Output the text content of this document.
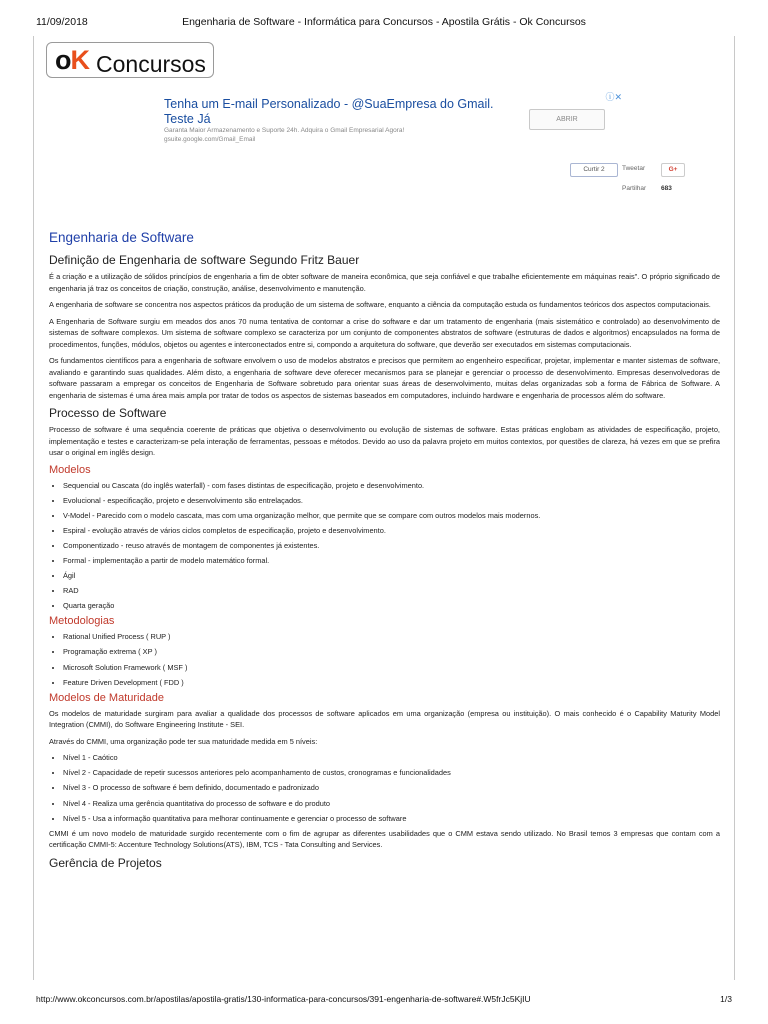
11/09/2018	Engenharia de Software - Informática para Concursos - Apostila Grátis - Ok Concursos
oK Concursos
ⓘ✕
Tenha um E-mail Personalizado - @SuaEmpresa do Gmail. Teste Já
Garanta Maior Armazenamento e Suporte 24h. Adquira o Gmail Empresarial Agora!
gsuite.google.com/Gmail_Email
ABRIR
Curtir 2	Tweetar	G+
Partilhar 683
Engenharia de Software
Definição de Engenharia de software Segundo Fritz Bauer

É a criação e a utilização de sólidos princípios de engenharia a fim de obter software de maneira econômica, que seja confiável e que trabalhe eficientemente em máquinas reais". O próprio significado de engenharia já traz os conceitos de criação, construção, análise, desenvolvimento e manutenção.

A engenharia de software se concentra nos aspectos práticos da produção de um sistema de software, enquanto a ciência da computação estuda os fundamentos teóricos dos aspectos computacionais.

A Engenharia de Software surgiu em meados dos anos 70 numa tentativa de contornar a crise do software e dar um tratamento de engenharia (mais sistemático e controlado) ao desenvolvimento de sistemas de software complexos. Um sistema de software complexo se caracteriza por um conjunto de componentes abstratos de software (estruturas de dados e algoritmos) encapsulados na forma de procedimentos, funções, módulos, objetos ou agentes e interconectados entre si, compondo a arquitetura do software, que deverão ser executados em sistemas computacionais.

Os fundamentos científicos para a engenharia de software envolvem o uso de modelos abstratos e precisos que permitem ao engenheiro especificar, projetar, implementar e manter sistemas de software, avaliando e garantindo suas qualidades. Além disto, a engenharia de software deve oferecer mecanismos para se planejar e gerenciar o processo de desenvolvimento. Empresas desenvolvedoras de software passaram a empregar os conceitos de Engenharia de Software sobretudo para orientar suas áreas de desenvolvimento, muitas delas organizadas sob a forma de Fábrica de Software. A engenharia de sistemas é uma área mais ampla por tratar de todos os aspectos de sistemas baseados em computadores, incluindo hardware e engenharia de processos além do software.

Processo de Software

Processo de software é uma sequência coerente de práticas que objetiva o desenvolvimento ou evolução de sistemas de software. Estas práticas englobam as atividades de especificação, projeto, implementação e testes e caracterizam-se pela interação de ferramentas, pessoas e métodos. Devido ao uso da palavra projeto em muitos contextos, por questões de clareza, há vezes em que se prefira usar o original em inglês design.

Modelos
• Sequencial ou Cascata (do inglês waterfall) - com fases distintas de especificação, projeto e desenvolvimento.
• Evolucional - especificação, projeto e desenvolvimento são entrelaçados.
• V-Model - Parecido com o modelo cascata, mas com uma organização melhor, que permite que se compare com outros modelos mais modernos.
• Espiral - evolução através de vários ciclos completos de especificação, projeto e desenvolvimento.
• Componentizado - reuso através de montagem de componentes já existentes.
• Formal - implementação a partir de modelo matemático formal.
• Ágil
• RAD
• Quarta geração
Metodologias
• Rational Unified Process ( RUP )
• Programação extrema ( XP )
• Microsoft Solution Framework ( MSF )
• Feature Driven Development ( FDD )
Modelos de Maturidade

Os modelos de maturidade surgiram para avaliar a qualidade dos processos de software aplicados em uma organização (empresa ou instituição). O mais conhecido é o Capability Maturity Model Integration (CMMI), do Software Engineering Institute - SEI.

Através do CMMI, uma organização pode ter sua maturidade medida em 5 níveis:

• Nível 1 - Caótico
• Nível 2 - Capacidade de repetir sucessos anteriores pelo acompanhamento de custos, cronogramas e funcionalidades
• Nível 3 - O processo de software é bem definido, documentado e padronizado
• Nível 4 - Realiza uma gerência quantitativa do processo de software e do produto
• Nível 5 - Usa a informação quantitativa para melhorar continuamente e gerenciar o processo de software

CMMI é um novo modelo de maturidade surgido recentemente com o fim de agrupar as diferentes usabilidades que o CMM estava sendo utilizado. No Brasil temos 3 empresas que contam com a certificação CMMI-5: Accenture Technology Solutions(ATS), IBM, TCS - Tata Consulting and Services.

Gerência de Projetos
http://www.okconcursos.com.br/apostilas/apostila-gratis/130-informatica-para-concursos/391-engenharia-de-software#.W5frJc5KjIU	1/3
